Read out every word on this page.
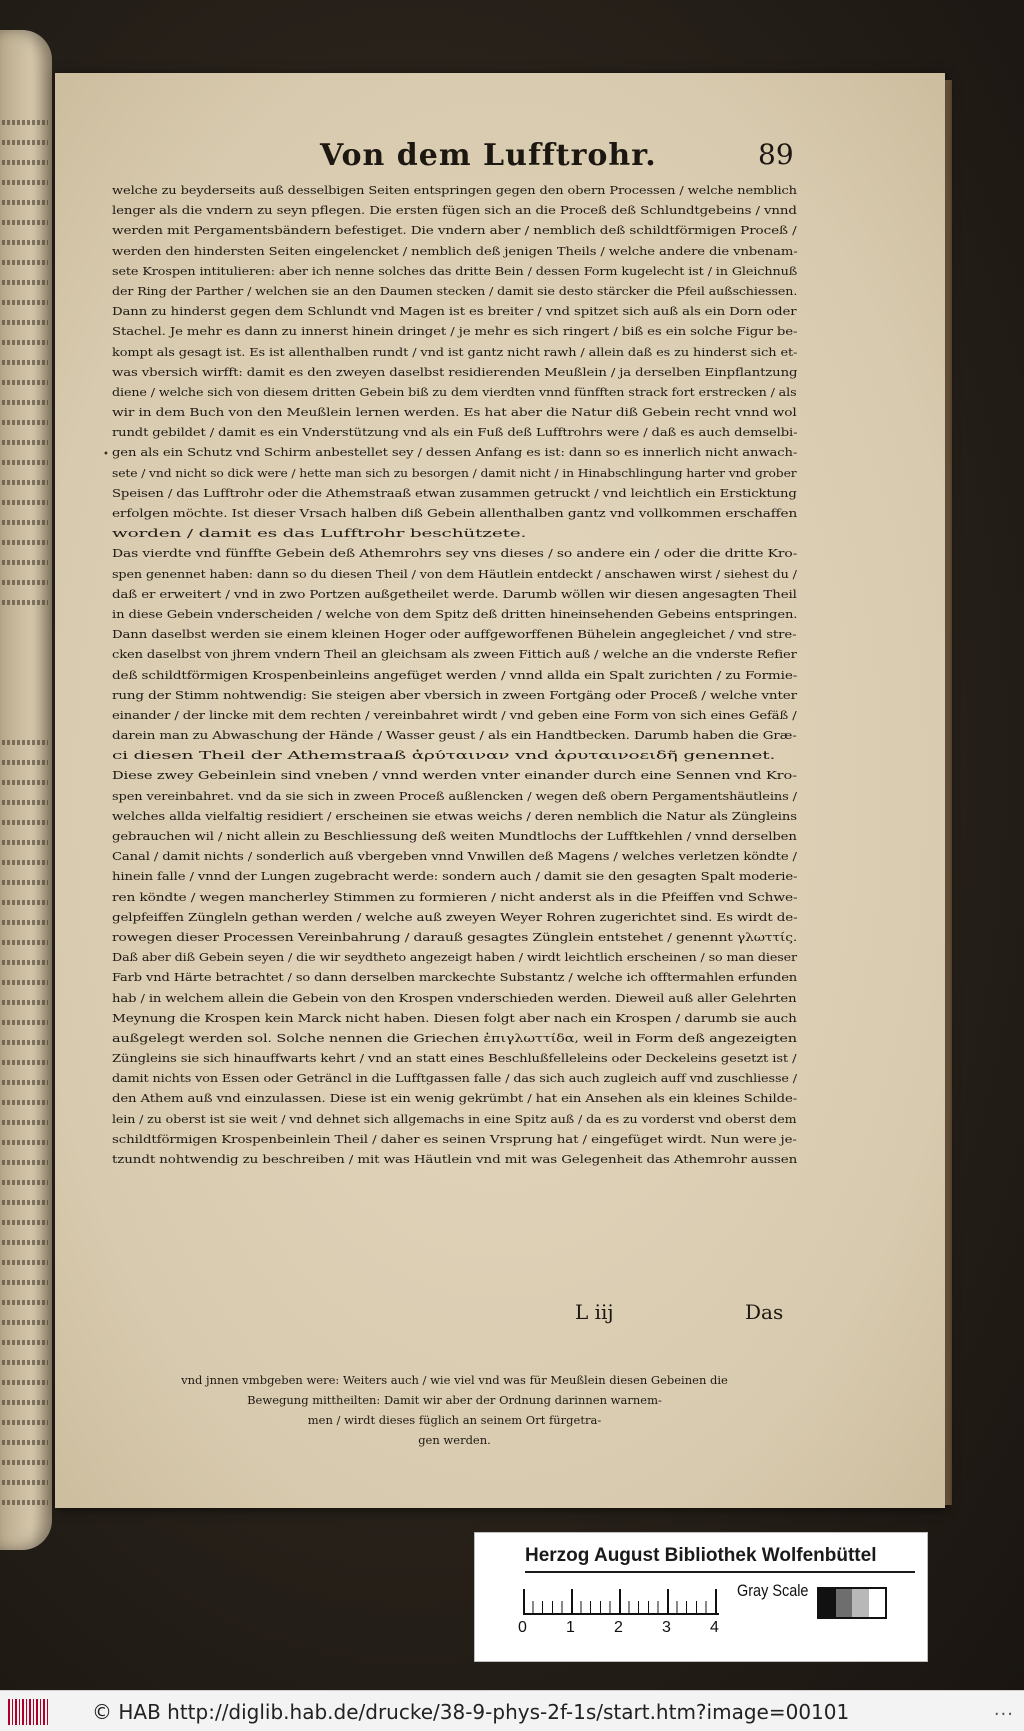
Von dem Lufftrohr.	89
•
welche zu beyderseits auß desselbigen Seiten entspringen gegen den obern Processen / welche nemblich
lenger als die vndern zu seyn pflegen. Die ersten fügen sich an die Proceß deß Schlundtgebeins / vnnd
werden mit Pergamentsbändern befestiget. Die vndern aber / nemblich deß schildtförmigen Proceß /
werden den hindersten Seiten eingelencket / nemblich deß jenigen Theils / welche andere die vnbenam-
sete Krospen intitulieren: aber ich nenne solches das dritte Bein / dessen Form kugelecht ist / in Gleichnuß
der Ring der Parther / welchen sie an den Daumen stecken / damit sie desto stärcker die Pfeil außschiessen.
Dann zu hinderst gegen dem Schlundt vnd Magen ist es breiter / vnd spitzet sich auß als ein Dorn oder
Stachel. Je mehr es dann zu innerst hinein dringet / je mehr es sich ringert / biß es ein solche Figur be-
kompt als gesagt ist. Es ist allenthalben rundt / vnd ist gantz nicht rawh / allein daß es zu hinderst sich et-
was vbersich wirfft: damit es den zweyen daselbst residierenden Meußlein / ja derselben Einpflantzung
diene / welche sich von diesem dritten Gebein biß zu dem vierdten vnnd fünfften strack fort erstrecken / als
wir in dem Buch von den Meußlein lernen werden. Es hat aber die Natur diß Gebein recht vnnd wol
rundt gebildet / damit es ein Vnderstützung vnd als ein Fuß deß Lufftrohrs were / daß es auch demselbi-
gen als ein Schutz vnd Schirm anbestellet sey / dessen Anfang es ist: dann so es innerlich nicht anwach-
sete / vnd nicht so dick were / hette man sich zu besorgen / damit nicht / in Hinabschlingung harter vnd grober
Speisen / das Lufftrohr oder die Athemstraaß etwan zusammen getruckt / vnd leichtlich ein Ersticktung
erfolgen möchte. Ist dieser Vrsach halben diß Gebein allenthalben gantz vnd vollkommen erschaffen
worden / damit es das Lufftrohr beschützete.
Das vierdte vnd fünffte Gebein deß Athemrohrs sey vns dieses / so andere ein / oder die dritte Kro-
spen genennet haben: dann so du diesen Theil / von dem Häutlein entdeckt / anschawen wirst / siehest du /
daß er erweitert / vnd in zwo Portzen außgetheilet werde. Darumb wöllen wir diesen angesagten Theil
in diese Gebein vnderscheiden / welche von dem Spitz deß dritten hineinsehenden Gebeins entspringen.
Dann daselbst werden sie einem kleinen Hoger oder auffgeworffenen Bühelein angegleichet / vnd stre-
cken daselbst von jhrem vndern Theil an gleichsam als zween Fittich auß / welche an die vnderste Refier
deß schildtförmigen Krospenbeinleins angefüget werden / vnnd allda ein Spalt zurichten / zu Formie-
rung der Stimm nohtwendig: Sie steigen aber vbersich in zween Fortgäng oder Proceß / welche vnter
einander / der lincke mit dem rechten / vereinbahret wirdt / vnd geben eine Form von sich eines Gefäß /
darein man zu Abwaschung der Hände / Wasser geust / als ein Handtbecken. Darumb haben die Græ-
ci diesen Theil der Athemstraaß ἀρύταιναν vnd ἀρυταινοειδῆ genennet.
Diese zwey Gebeinlein sind vneben / vnnd werden vnter einander durch eine Sennen vnd Kro-
spen vereinbahret. vnd da sie sich in zween Proceß außlencken / wegen deß obern Pergamentshäutleins /
welches allda vielfaltig residiert / erscheinen sie etwas weichs / deren nemblich die Natur als Züngleins
gebrauchen wil / nicht allein zu Beschliessung deß weiten Mundtlochs der Lufftkehlen / vnnd derselben
Canal / damit nichts / sonderlich auß vbergeben vnnd Vnwillen deß Magens / welches verletzen köndte /
hinein falle / vnnd der Lungen zugebracht werde: sondern auch / damit sie den gesagten Spalt moderie-
ren köndte / wegen mancherley Stimmen zu formieren / nicht anderst als in die Pfeiffen vnd Schwe-
gelpfeiffen Züngleln gethan werden / welche auß zweyen Weyer Rohren zugerichtet sind. Es wirdt de-
rowegen dieser Processen Vereinbahrung / darauß gesagtes Zünglein entstehet / genennt γλωττίς.
Daß aber diß Gebein seyen / die wir seydtheto angezeigt haben / wirdt leichtlich erscheinen / so man dieser
Farb vnd Härte betrachtet / so dann derselben marckechte Substantz / welche ich offtermahlen erfunden
hab / in welchem allein die Gebein von den Krospen vnderschieden werden. Dieweil auß aller Gelehrten
Meynung die Krospen kein Marck nicht haben. Diesen folgt aber nach ein Krospen / darumb sie auch
außgelegt werden sol. Solche nennen die Griechen ἐπιγλωττίδα, weil in Form deß angezeigten
Züngleins sie sich hinauffwarts kehrt / vnd an statt eines Beschlußfelleleins oder Deckeleins gesetzt ist /
damit nichts von Essen oder Geträncl in die Lufftgassen falle / das sich auch zugleich auff vnd zuschliesse /
den Athem auß vnd einzulassen. Diese ist ein wenig gekrümbt / hat ein Ansehen als ein kleines Schilde-
lein / zu oberst ist sie weit / vnd dehnet sich allgemachs in eine Spitz auß / da es zu vorderst vnd oberst dem
schildtförmigen Krospenbeinlein Theil / daher es seinen Vrsprung hat / eingefüget wirdt. Nun were je-
tzundt nohtwendig zu beschreiben / mit was Häutlein vnd mit was Gelegenheit das Athemrohr aussen
vnd jnnen vmbgeben were: Weiters auch / wie viel vnd was für Meußlein diesen Gebeinen die
Bewegung mittheilten: Damit wir aber der Ordnung darinnen warnem-
men / wirdt dieses füglich an seinem Ort fürgetra-
gen werden.
L iij	Das
Herzog August Bibliothek Wolfenbüttel
0 1 2 3 4
Gray Scale
© HAB http://diglib.hab.de/drucke/38-9-phys-2f-1s/start.htm?image=00101	...
